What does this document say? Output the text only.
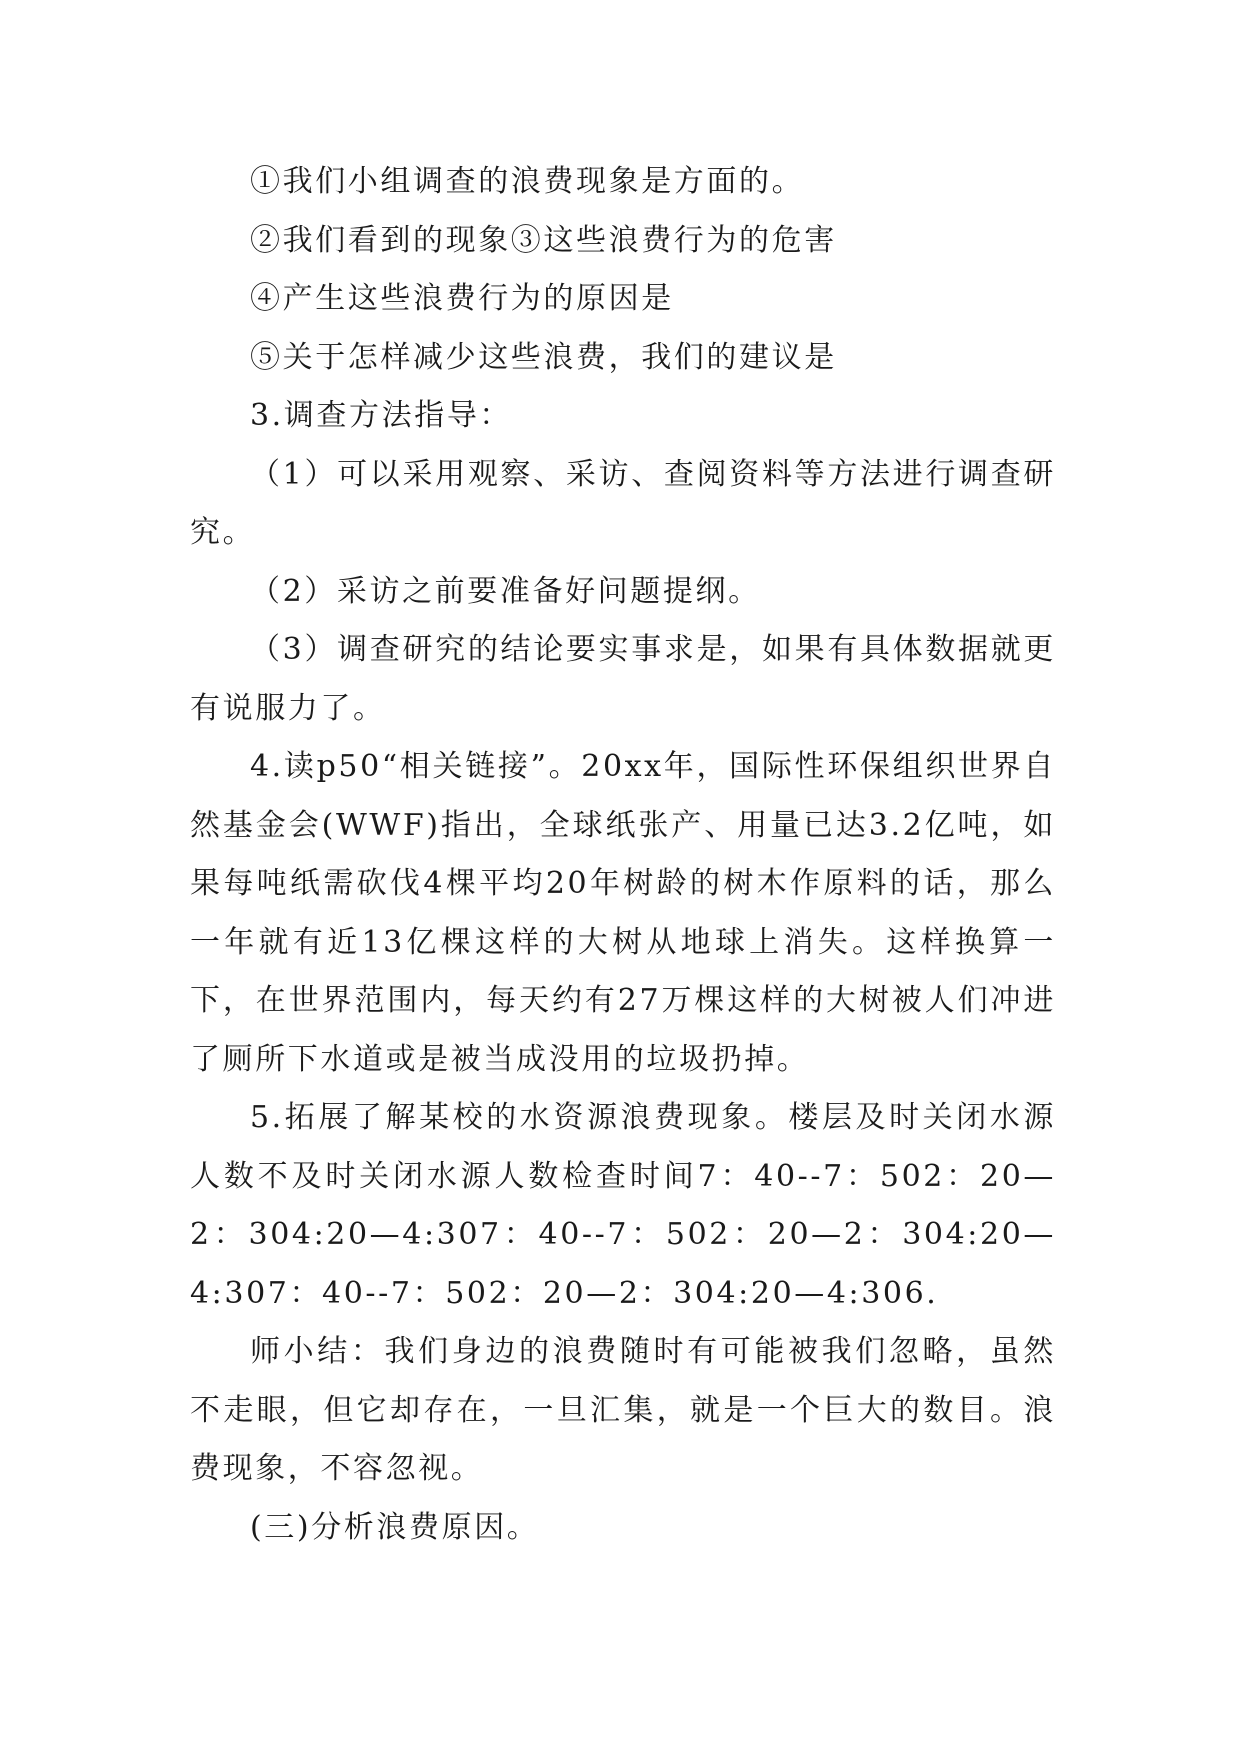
①我们小组调查的浪费现象是方面的。

②我们看到的现象③这些浪费行为的危害

④产生这些浪费行为的原因是

⑤关于怎样减少这些浪费，我们的建议是

3.调查方法指导：

（1）可以采用观察、采访、查阅资料等方法进行调查研究。

（2）采访之前要准备好问题提纲。

（3）调查研究的结论要实事求是，如果有具体数据就更有说服力了。

4.读p50“相关链接”。20xx年，国际性环保组织世界自然基金会(WWF)指出，全球纸张产、用量已达3.2亿吨，如果每吨纸需砍伐4棵平均20年树龄的树木作原料的话，那么一年就有近13亿棵这样的大树从地球上消失。这样换算一下，在世界范围内，每天约有27万棵这样的大树被人们冲进了厕所下水道或是被当成没用的垃圾扔掉。

5.拓展了解某校的水资源浪费现象。楼层及时关闭水源人数不及时关闭水源人数检查时间7：40--7：502：20—2：304:20—4:307：40--7：502：20—2：304:20—4:307：40--7：502：20—2：304:20—4:306.

师小结：我们身边的浪费随时有可能被我们忽略，虽然不走眼，但它却存在，一旦汇集，就是一个巨大的数目。浪费现象，不容忽视。

(三)分析浪费原因。
